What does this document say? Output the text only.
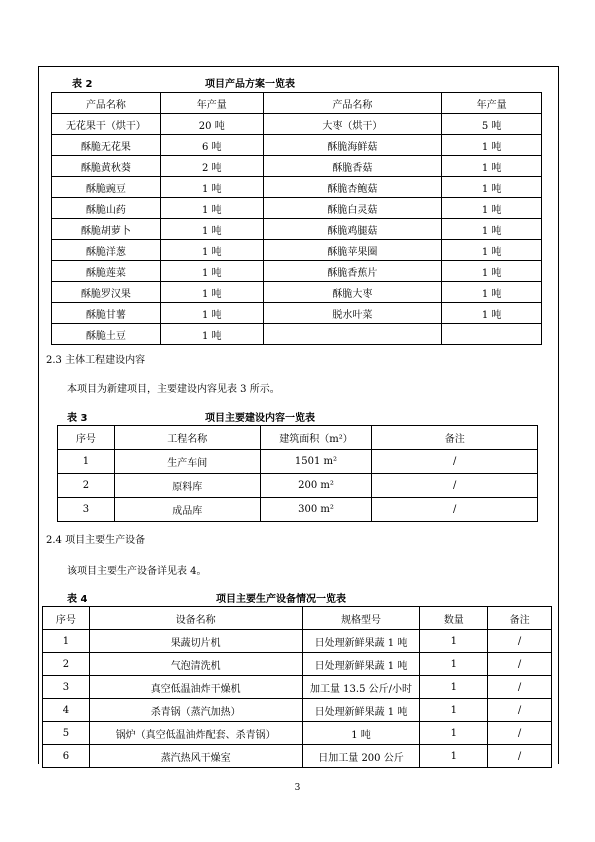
表 2	项目产品方案一览表
产品名称	年产量	产品名称	年产量
无花果干（烘干）	20 吨	大枣（烘干）	5 吨
酥脆无花果	6 吨	酥脆海鲜菇	1 吨
酥脆黄秋葵	2 吨	酥脆香菇	1 吨
酥脆豌豆	1 吨	酥脆杏鲍菇	1 吨
酥脆山药	1 吨	酥脆白灵菇	1 吨
酥脆胡萝卜	1 吨	酥脆鸡腿菇	1 吨
酥脆洋葱	1 吨	酥脆苹果圈	1 吨
酥脆莲菜	1 吨	酥脆香蕉片	1 吨
酥脆罗汉果	1 吨	酥脆大枣	1 吨
酥脆甘薯	1 吨	脱水叶菜	1 吨
酥脆土豆	1 吨		
2.3 主体工程建设内容
本项目为新建项目，主要建设内容见表 3 所示。
表 3	项目主要建设内容一览表
序号	工程名称	建筑面积（m²）	备注
1	生产车间	1501 m²	/
2	原料库	200 m²	/
3	成品库	300 m²	/
2.4 项目主要生产设备
该项目主要生产设备详见表 4。
表 4	项目主要生产设备情况一览表
序号	设备名称	规格型号	数量	备注
1	果蔬切片机	日处理新鲜果蔬 1 吨	1	/
2	气泡清洗机	日处理新鲜果蔬 1 吨	1	/
3	真空低温油炸干燥机	加工量 13.5 公斤/小时	1	/
4	杀青锅（蒸汽加热）	日处理新鲜果蔬 1 吨	1	/
5	锅炉（真空低温油炸配套、杀青锅）	1 吨	1	/
6	蒸汽热风干燥室	日加工量 200 公斤	1	/
3
